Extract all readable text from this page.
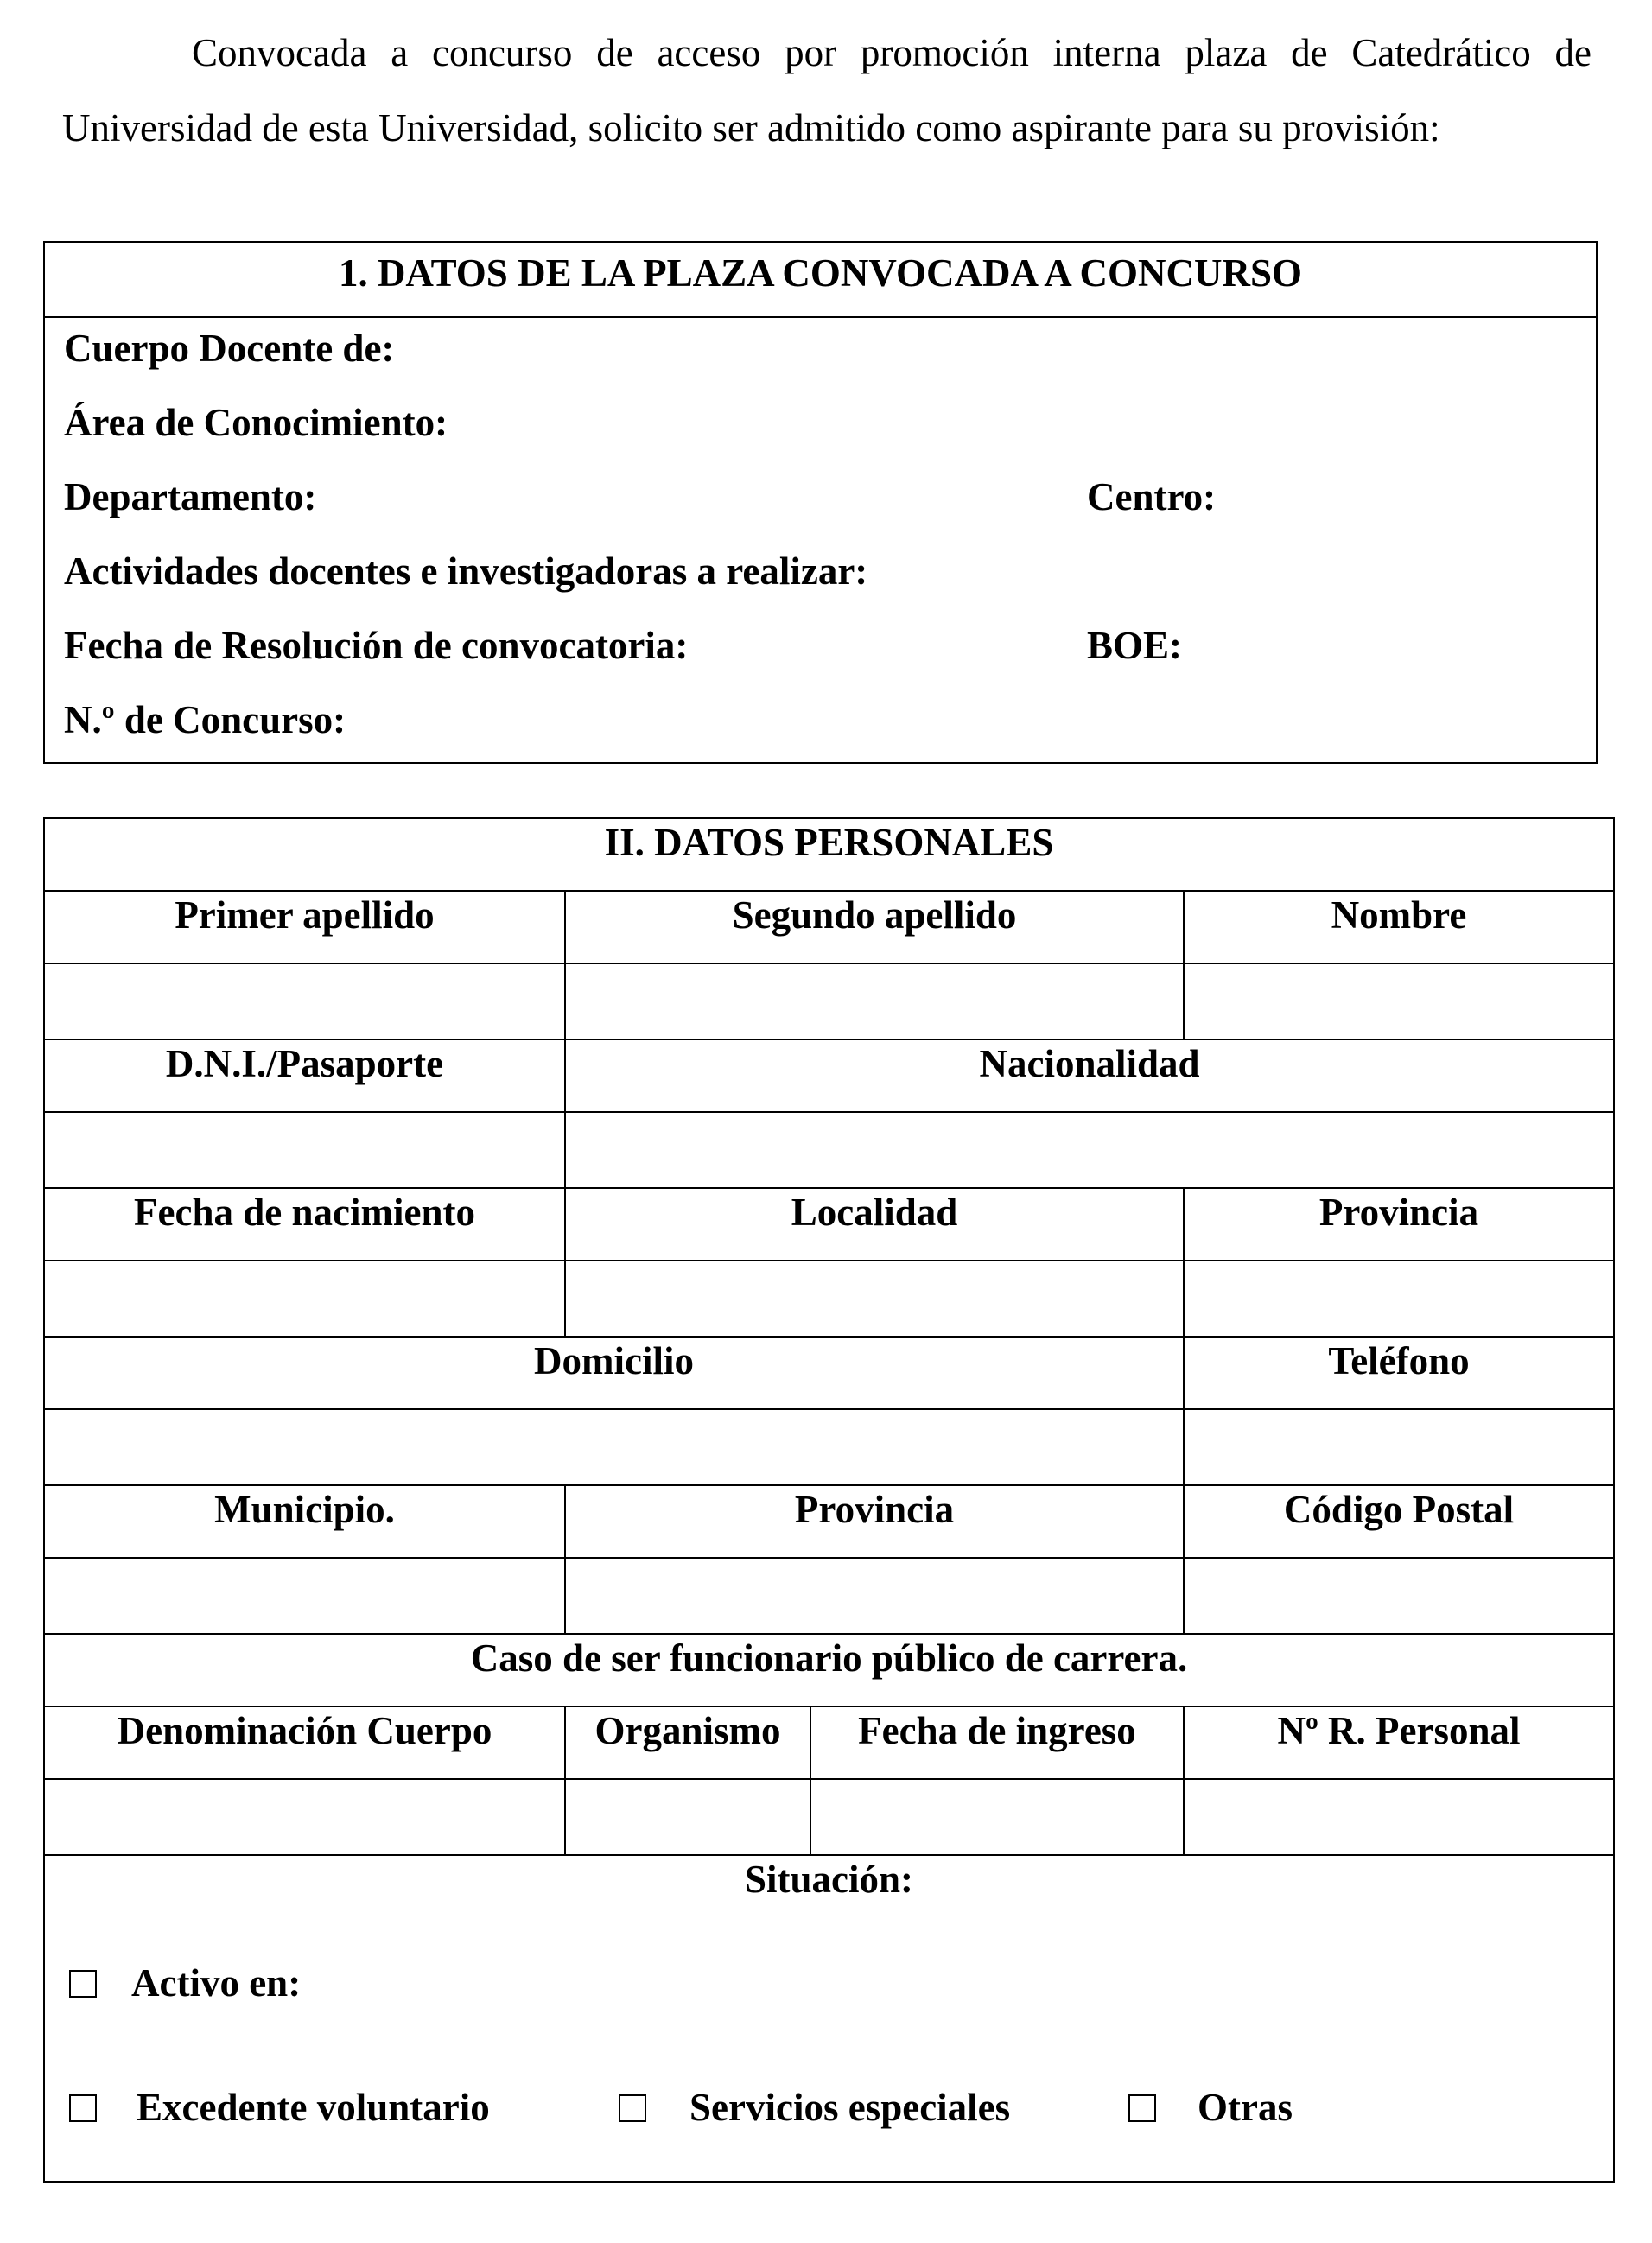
Convocada a concurso de acceso por promoción interna plaza de Catedrático de Universidad de esta Universidad, solicito ser admitido como aspirante para su provisión:
1. DATOS DE LA PLAZA CONVOCADA A CONCURSO
Cuerpo Docente de:
Área de Conocimiento:
Departamento:	Centro:
Actividades docentes e investigadoras a realizar:
Fecha de Resolución de convocatoria:	BOE:
N.º de Concurso:
II. DATOS PERSONALES			
Primer apellido	Segundo apellido		Nombre

D.N.I./Pasaporte	Nacionalidad		

Fecha de nacimiento	Localidad		Provincia

Domicilio			Teléfono

Municipio.	Provincia		Código Postal

Caso de ser funcionario público de carrera.			
Denominación Cuerpo	Organismo	Fecha de ingreso	Nº R. Personal

Situación:
Activo en:
Excedente voluntario Servicios especiales Otras			
